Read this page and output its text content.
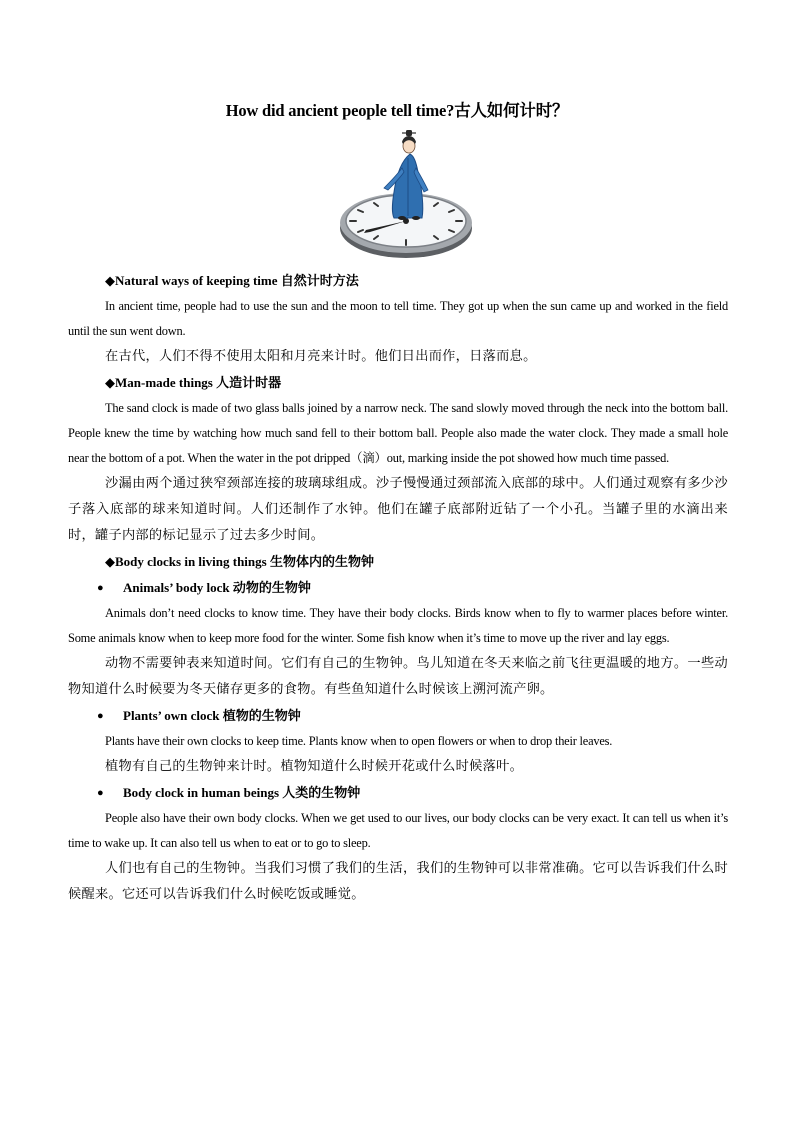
How did ancient people tell time?古人如何计时？

◆Natural ways of keeping time 自然计时方法

In ancient time, people had to use the sun and the moon to tell time. They got up when the sun came up and worked in the field until the sun went down.

在古代，人们不得不使用太阳和月亮来计时。他们日出而作，日落而息。

◆Man-made things 人造计时器

The sand clock is made of two glass balls joined by a narrow neck. The sand slowly moved through the neck into the bottom ball. People knew the time by watching how much sand fell to their bottom ball. People also made the water clock. They made a small hole near the bottom of a pot. When the water in the pot dripped（滴）out, marking inside the pot showed how much time passed.

沙漏由两个通过狭窄颈部连接的玻璃球组成。沙子慢慢通过颈部流入底部的球中。人们通过观察有多少沙子落入底部的球来知道时间。人们还制作了水钟。他们在罐子底部附近钻了一个小孔。当罐子里的水滴出来时，罐子内部的标记显示了过去多少时间。

◆Body clocks in living things 生物体内的生物钟

●	Animals’ body lock 动物的生物钟

Animals don’t need clocks to know time. They have their body clocks. Birds know when to fly to warmer places before winter. Some animals know when to keep more food for the winter. Some fish know when it’s time to move up the river and lay eggs.

动物不需要钟表来知道时间。它们有自己的生物钟。鸟儿知道在冬天来临之前飞往更温暖的地方。一些动物知道什么时候要为冬天储存更多的食物。有些鱼知道什么时候该上溯河流产卵。

●	Plants’ own clock 植物的生物钟

Plants have their own clocks to keep time. Plants know when to open flowers or when to drop their leaves.

植物有自己的生物钟来计时。植物知道什么时候开花或什么时候落叶。

●	Body clock in human beings 人类的生物钟

People also have their own body clocks. When we get used to our lives, our body clocks can be very exact. It can tell us when it’s time to wake up. It can also tell us when to eat or to go to sleep.

人们也有自己的生物钟。当我们习惯了我们的生活，我们的生物钟可以非常准确。它可以告诉我们什么时候醒来。它还可以告诉我们什么时候吃饭或睡觉。
